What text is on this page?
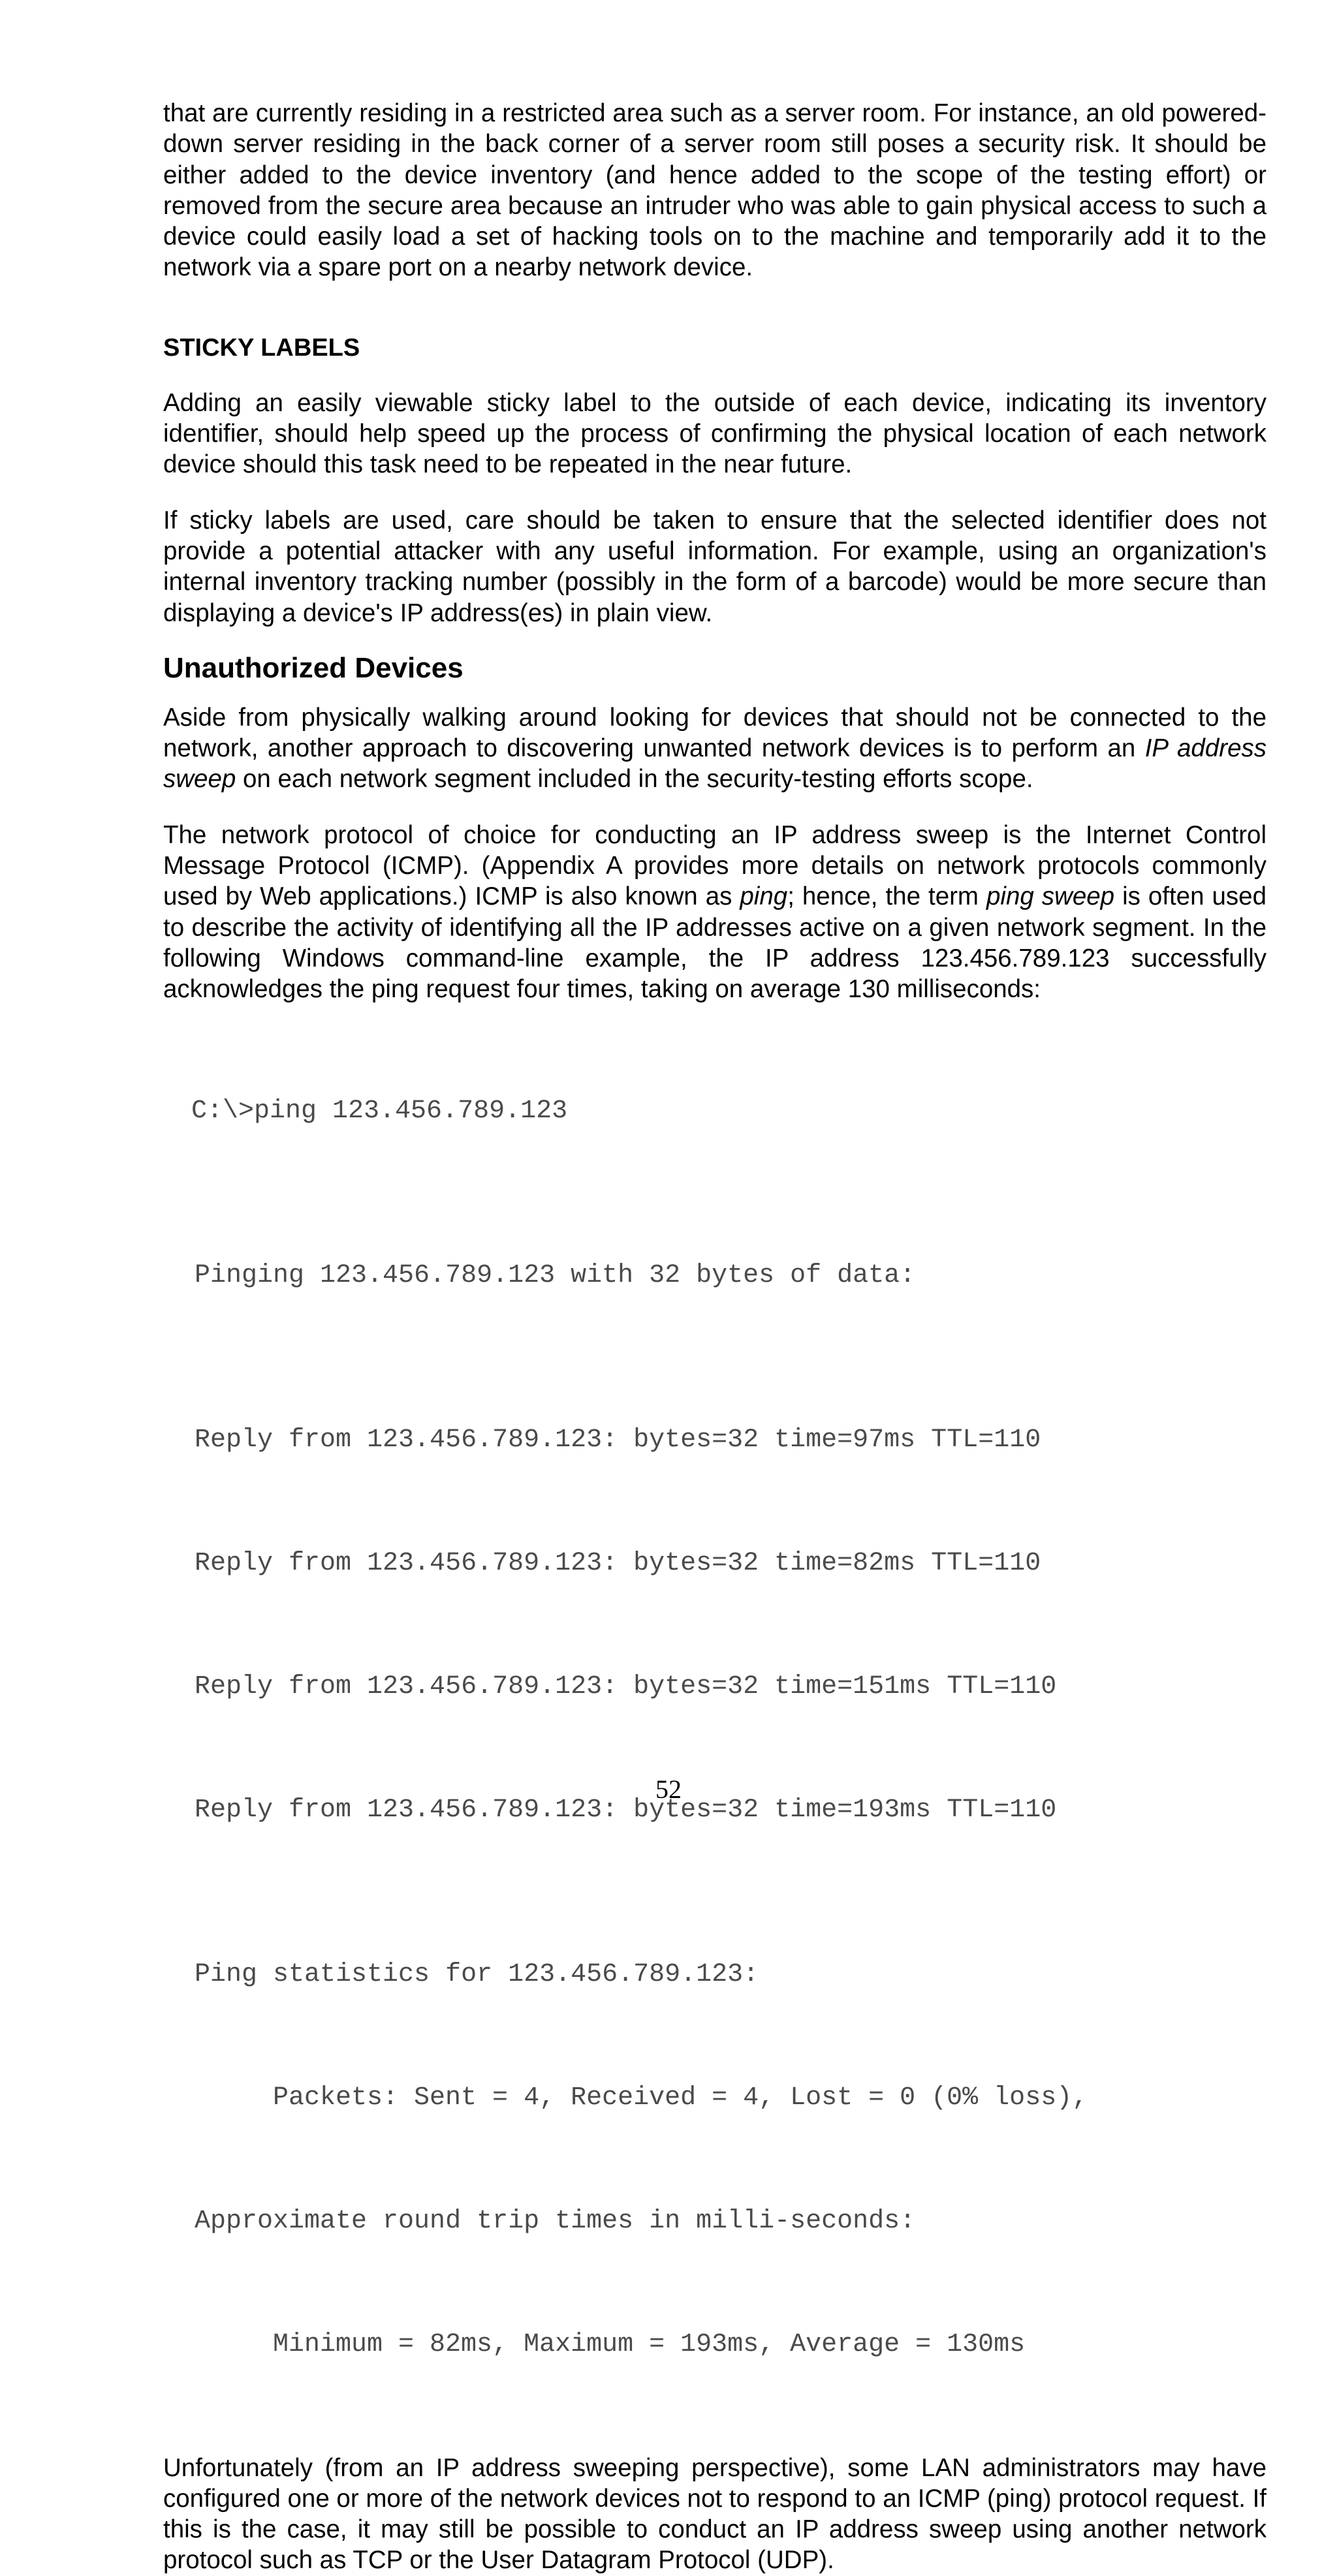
that are currently residing in a restricted area such as a server room. For instance, an old powered-down server residing in the back corner of a server room still poses a security risk. It should be either added to the device inventory (and hence added to the scope of the testing effort) or removed from the secure area because an intruder who was able to gain physical access to such a device could easily load a set of hacking tools on to the machine and temporarily add it to the network via a spare port on a nearby network device.

STICKY LABELS

Adding an easily viewable sticky label to the outside of each device, indicating its inventory identifier, should help speed up the process of confirming the physical location of each network device should this task need to be repeated in the near future.

If sticky labels are used, care should be taken to ensure that the selected identifier does not provide a potential attacker with any useful information. For example, using an organization's internal inventory tracking number (possibly in the form of a barcode) would be more secure than displaying a device's IP address(es) in plain view.

Unauthorized Devices

Aside from physically walking around looking for devices that should not be connected to the network, another approach to discovering unwanted network devices is to perform an IP address sweep on each network segment included in the security-testing efforts scope.

The network protocol of choice for conducting an IP address sweep is the Internet Control Message Protocol (ICMP). (Appendix A provides more details on network protocols commonly used by Web applications.) ICMP is also known as ping; hence, the term ping sweep is often used to describe the activity of identifying all the IP addresses active on a given network segment. In the following Windows command-line example, the IP address 123.456.789.123 successfully acknowledges the ping request four times, taking on average 130 milliseconds:

C:\>ping 123.456.789.123

Pinging 123.456.789.123 with 32 bytes of data:

Reply from 123.456.789.123: bytes=32 time=97ms TTL=110

Reply from 123.456.789.123: bytes=32 time=82ms TTL=110

Reply from 123.456.789.123: bytes=32 time=151ms TTL=110

Reply from 123.456.789.123: bytes=32 time=193ms TTL=110

Ping statistics for 123.456.789.123:

Packets: Sent = 4, Received = 4, Lost = 0 (0% loss),

Approximate round trip times in milli-seconds:

Minimum = 82ms, Maximum = 193ms, Average = 130ms

Unfortunately (from an IP address sweeping perspective), some LAN administrators may have configured one or more of the network devices not to respond to an ICMP (ping) protocol request. If this is the case, it may still be possible to conduct an IP address sweep using another network protocol such as TCP or the User Datagram Protocol (UDP).

52
